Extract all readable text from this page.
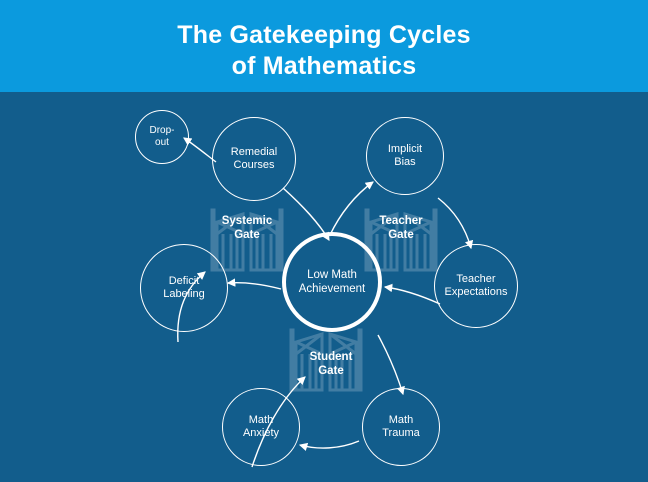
The Gatekeeping Cycles
of Mathematics
Drop-
out
Remedial
Courses
Implicit
Bias
Teacher
Expectations
Math
Trauma
Math
Anxiety
Deficit
Labeling
Low Math
Achievement
Systemic
Gate
Teacher
Gate
Student
Gate
